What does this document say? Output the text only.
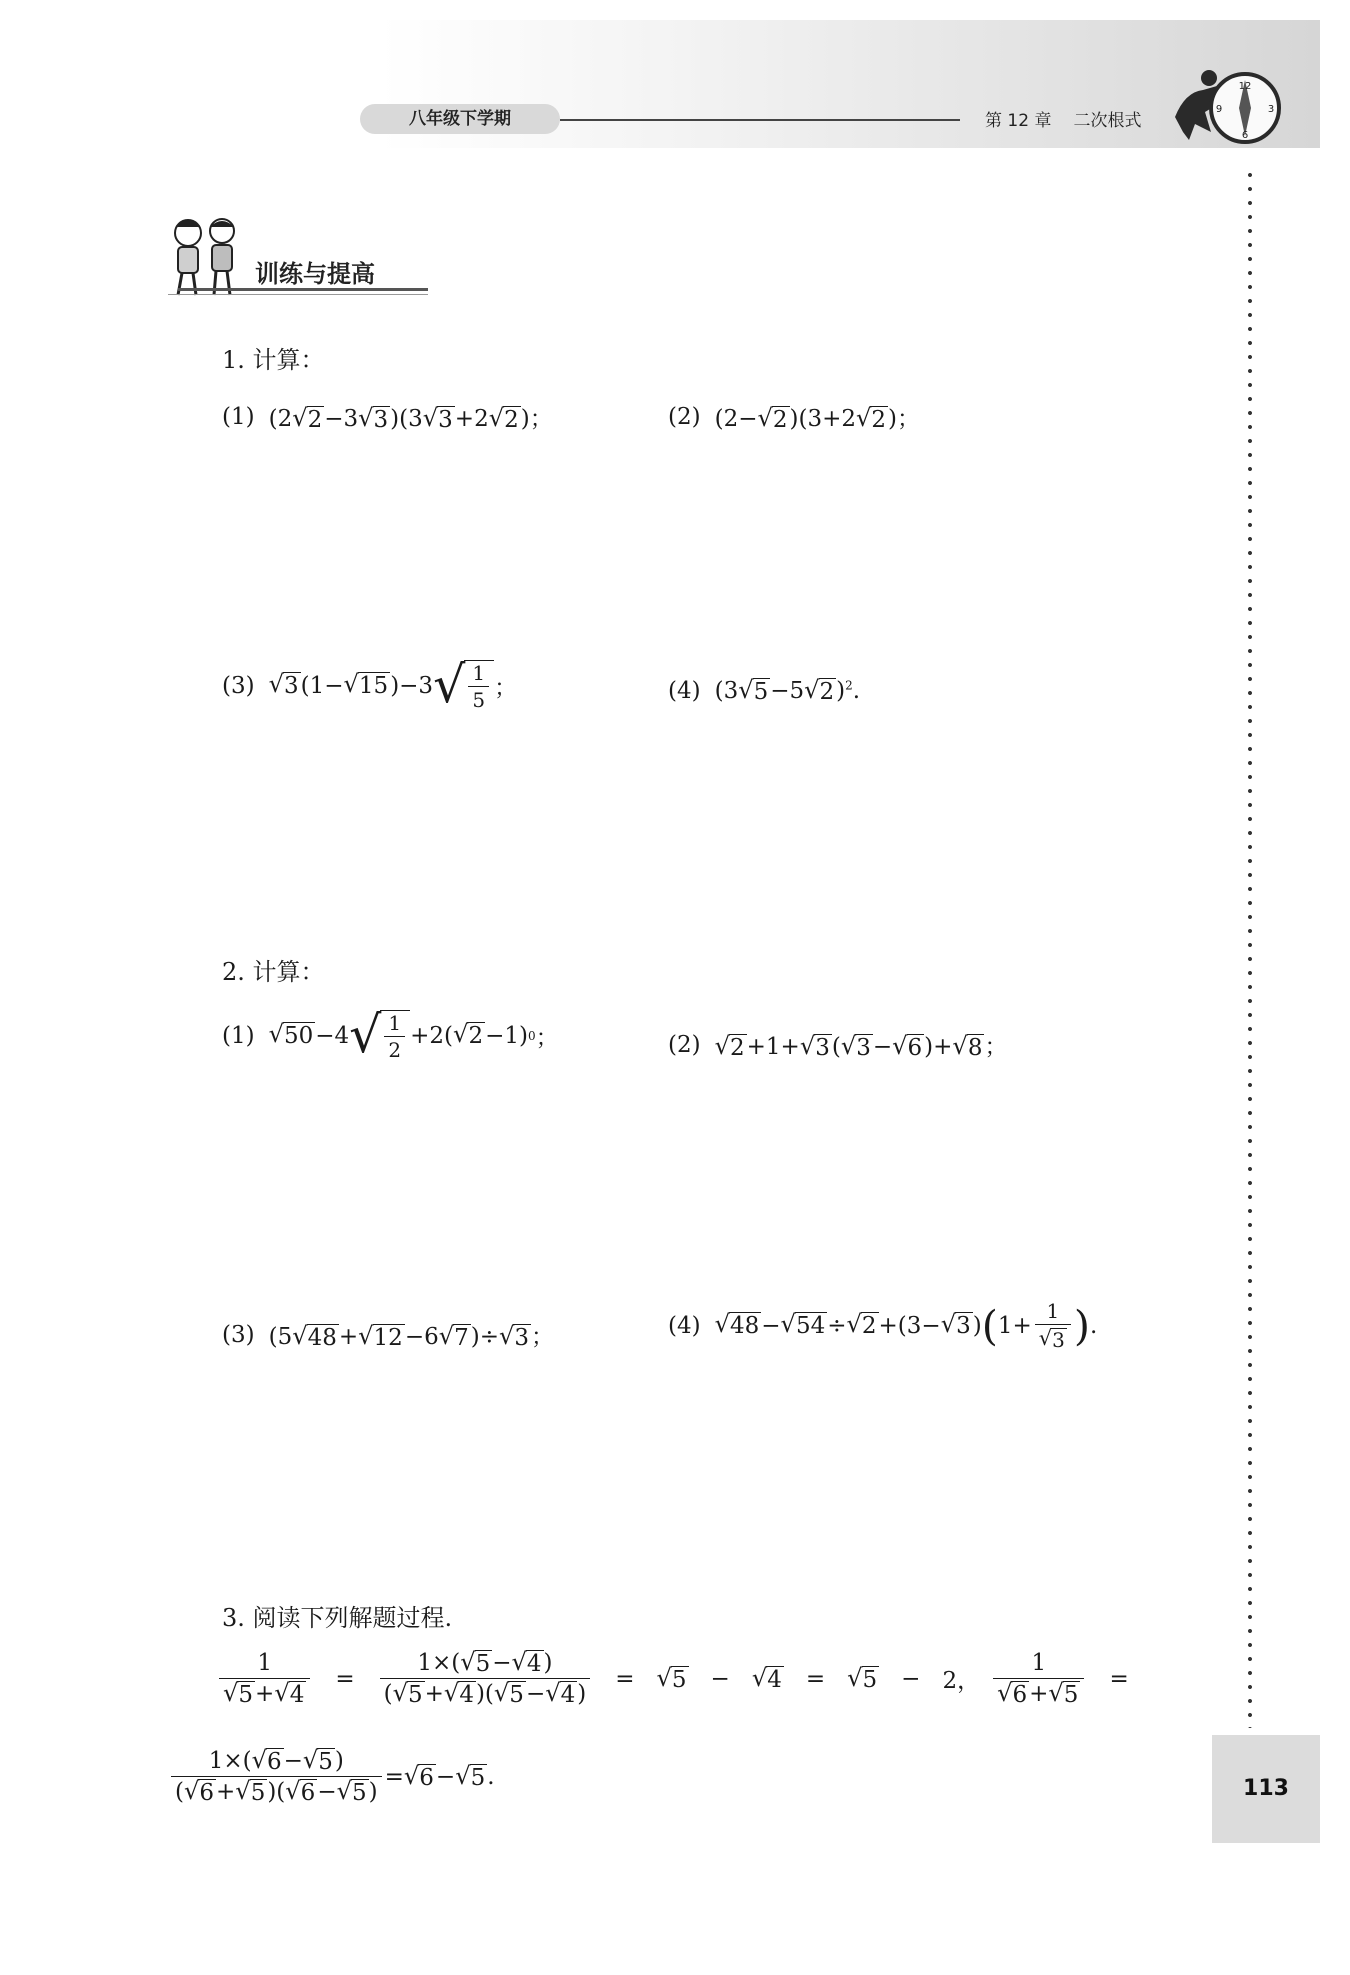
八年级下学期	第 12 章 二次根式
12
3
6
9
113
训练与提高
1. 计算：
(1) (2 √ 2 −3 √ 3 )(3 √ 3 +2 √ 2 )；	(2) (2− √ 2 )(3+2 √ 2 )；
(3) √ 3 (1− √ 15 )−3 √ $\frac{1}{5}$ ；	(4) (3 √ 5 −5 √ 2 )$^2$.
2. 计算：
(1) √ 50 −4 √ $\frac{1}{2} +2$( √ 2 −1) 0 ；	(2) √ 2 +1+ √ 3 ( √ 3 − √ 6 )+ √ 8 ；
(3) (5 √ 48 + √ 12 −6 √ 7 )÷ √ 3 ；	(4) √ 48 − √ 54 ÷ √ 2 +(3− √ 3 ) ( $1+ \frac{1}{√ 3}$ ) .
3. 阅读下列解题过程.
$\frac{1}{√ 5 + √ 4} = \frac{1\times( √ 5 - √ 4 )}{( √ 5 + √ 4 )( √ 5 - √ 4 )}$ = √ 5 − √ 4 = √ 5 − 2， $\frac{1}{√ 6 + √ 5}$ =
$\frac{1\times( √ 6 - √ 5 )}{( √ 6 + √ 5 )( √ 6 - √ 5 )}$ = √ 6 − √ 5 .
